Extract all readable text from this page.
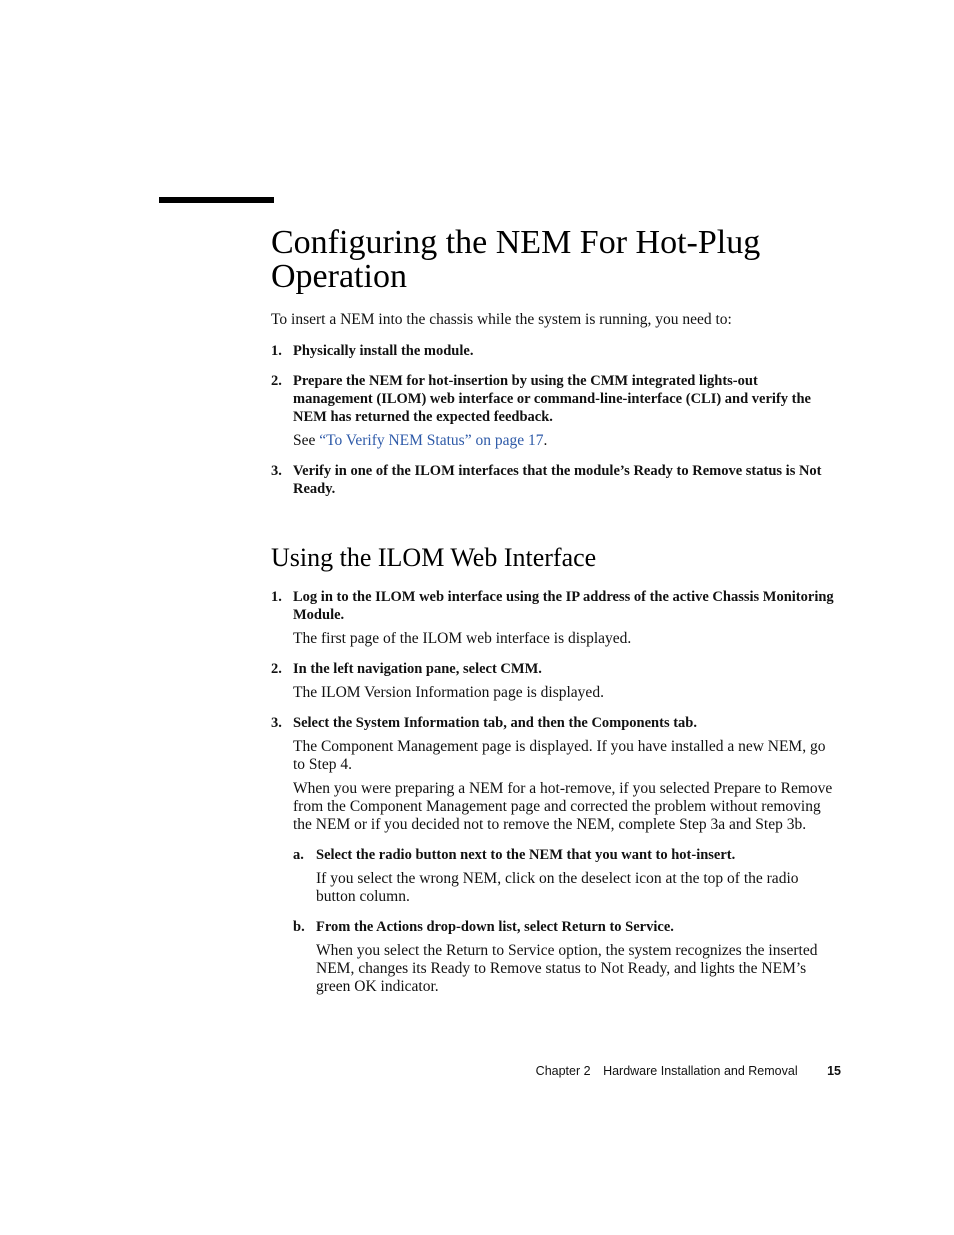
Configuring the NEM For Hot-Plug Operation

To insert a NEM into the chassis while the system is running, you need to:

1. Physically install the module.

2. Prepare the NEM for hot-insertion by using the CMM integrated lights-out management (ILOM) web interface or command-line-interface (CLI) and verify the NEM has returned the expected feedback.

See “To Verify NEM Status” on page 17.

3. Verify in one of the ILOM interfaces that the module’s Ready to Remove status is Not Ready.

Using the ILOM Web Interface
1. Log in to the ILOM web interface using the IP address of the active Chassis Monitoring Module.

The first page of the ILOM web interface is displayed.

2. In the left navigation pane, select CMM.

The ILOM Version Information page is displayed.

3. Select the System Information tab, and then the Components tab.

The Component Management page is displayed. If you have installed a new NEM, go to Step 4.

When you were preparing a NEM for a hot-remove, if you selected Prepare to Remove from the Component Management page and corrected the problem without removing the NEM or if you decided not to remove the NEM, complete Step 3a and Step 3b.

a. Select the radio button next to the NEM that you want to hot-insert.

If you select the wrong NEM, click on the deselect icon at the top of the radio button column.

b. From the Actions drop-down list, select Return to Service.

When you select the Return to Service option, the system recognizes the inserted NEM, changes its Ready to Remove status to Not Ready, and lights the NEM’s green OK indicator.

Chapter 2 Hardware Installation and Removal 15
